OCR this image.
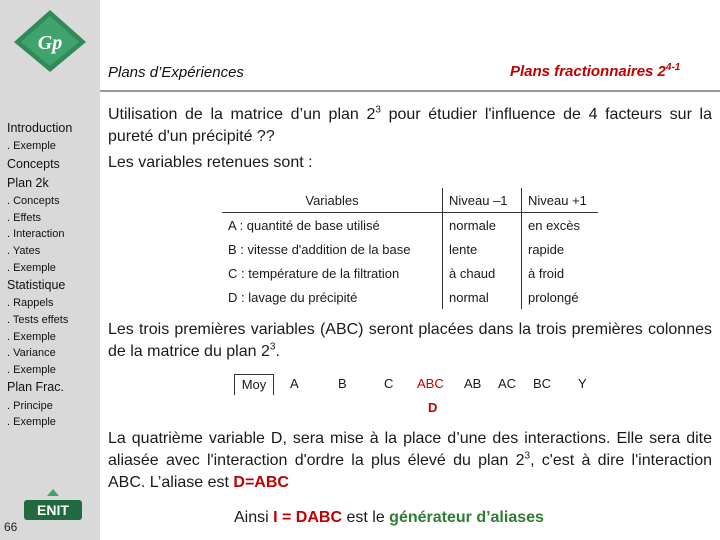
Gp
Introduction
. Exemple
Concepts
Plan 2k
. Concepts
. Effets
. Interaction
. Yates
. Exemple
Statistique
. Rappels
. Tests effets
. Exemple
. Variance
. Exemple
Plan Frac.
. Principe
. Exemple
ENIT
66
Plans d’Expériences	Plans fractionnaires 2$^{4-1}$
Utilisation de la matrice d’un plan $2^3$ pour étudier l'influence de 4 facteurs sur la pureté d'un précipité ??
Les variables retenues sont :
Variables	Niveau –1	Niveau +1
A : quantité de base utilisé	normale	en excès
B : vitesse d'addition de la base	lente	rapide
C : température de la filtration	à chaud	à froid
D : lavage du précipité	normal	prolongé
Les trois premières variables (ABC) seront placées dans la trois premières colonnes de la matrice du plan $2^3$.
Moy	A	B	C ABC AB AC BC Y
D
La quatrième variable D, sera mise à la place d’une des interactions. Elle sera dite aliasée avec l'interaction d'ordre la plus élevé du plan $2^3$, c'est à dire l'interaction ABC. L’aliase est D=ABC
Ainsi I = DABC est le générateur d’aliases
